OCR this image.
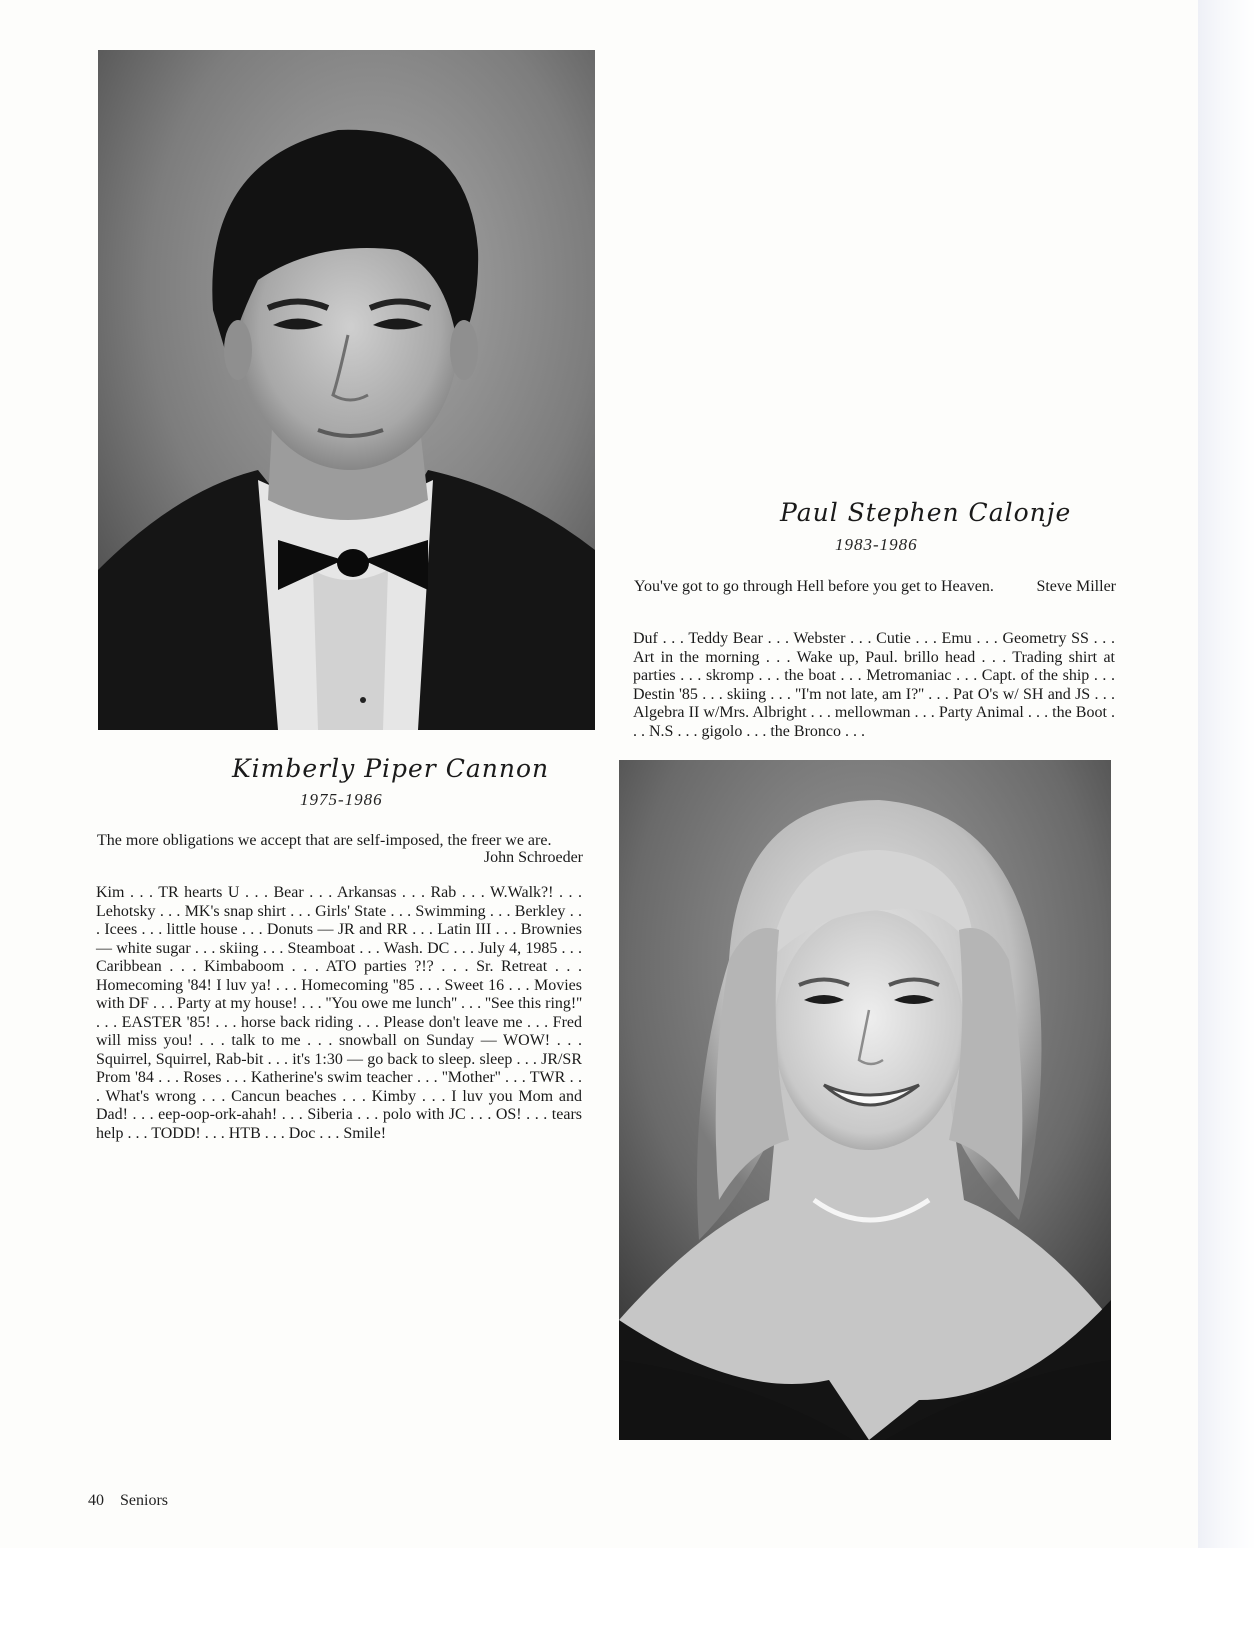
Paul Stephen Calonje
1983-1986
You've got to go through Hell before you get to Heaven.	Steve Miller
Duf . . . Teddy Bear . . . Webster . . . Cutie . . . Emu . . . Geometry SS . . . Art in the morning . . . Wake up, Paul. brillo head . . . Trading shirt at parties . . . skromp . . . the boat . . . Metromaniac . . . Capt. of the ship . . . Destin '85 . . . skiing . . . ''I'm not late, am I?'' . . . Pat O's w/ SH and JS . . . Algebra II w/Mrs. Albright . . . mellowman . . . Party Animal . . . the Boot . . . N.S . . . gigolo . . . the Bronco . . .
Kimberly Piper Cannon
1975-1986
The more obligations we accept that are self-imposed, the freer we are.
John Schroeder
Kim . . . TR hearts U . . . Bear . . . Arkansas . . . Rab . . . W.Walk?! . . . Lehotsky . . . MK's snap shirt . . . Girls' State . . . Swimming . . . Berkley . . . Icees . . . little house . . . Donuts — JR and RR . . . Latin III . . . Brownies — white sugar . . . skiing . . . Steamboat . . . Wash. DC . . . July 4, 1985 . . . Caribbean . . . Kimbaboom . . . ATO parties ?!? . . . Sr. Retreat . . . Homecoming '84! I luv ya! . . . Homecoming ''85 . . . Sweet 16 . . . Movies with DF . . . Party at my house! . . . ''You owe me lunch'' . . . ''See this ring!'' . . . EASTER '85! . . . horse back riding . . . Please don't leave me . . . Fred will miss you! . . . talk to me . . . snowball on Sunday — WOW! . . . Squirrel, Squirrel, Rab-bit . . . it's 1:30 — go back to sleep. sleep . . . JR/SR Prom '84 . . . Roses . . . Katherine's swim teacher . . . ''Mother'' . . . TWR . . . What's wrong . . . Cancun beaches . . . Kimby . . . I luv you Mom and Dad! . . . eep-oop-ork-ahah! . . . Siberia . . . polo with JC . . . OS! . . . tears help . . . TODD! . . . HTB . . . Doc . . . Smile!
40 Seniors
